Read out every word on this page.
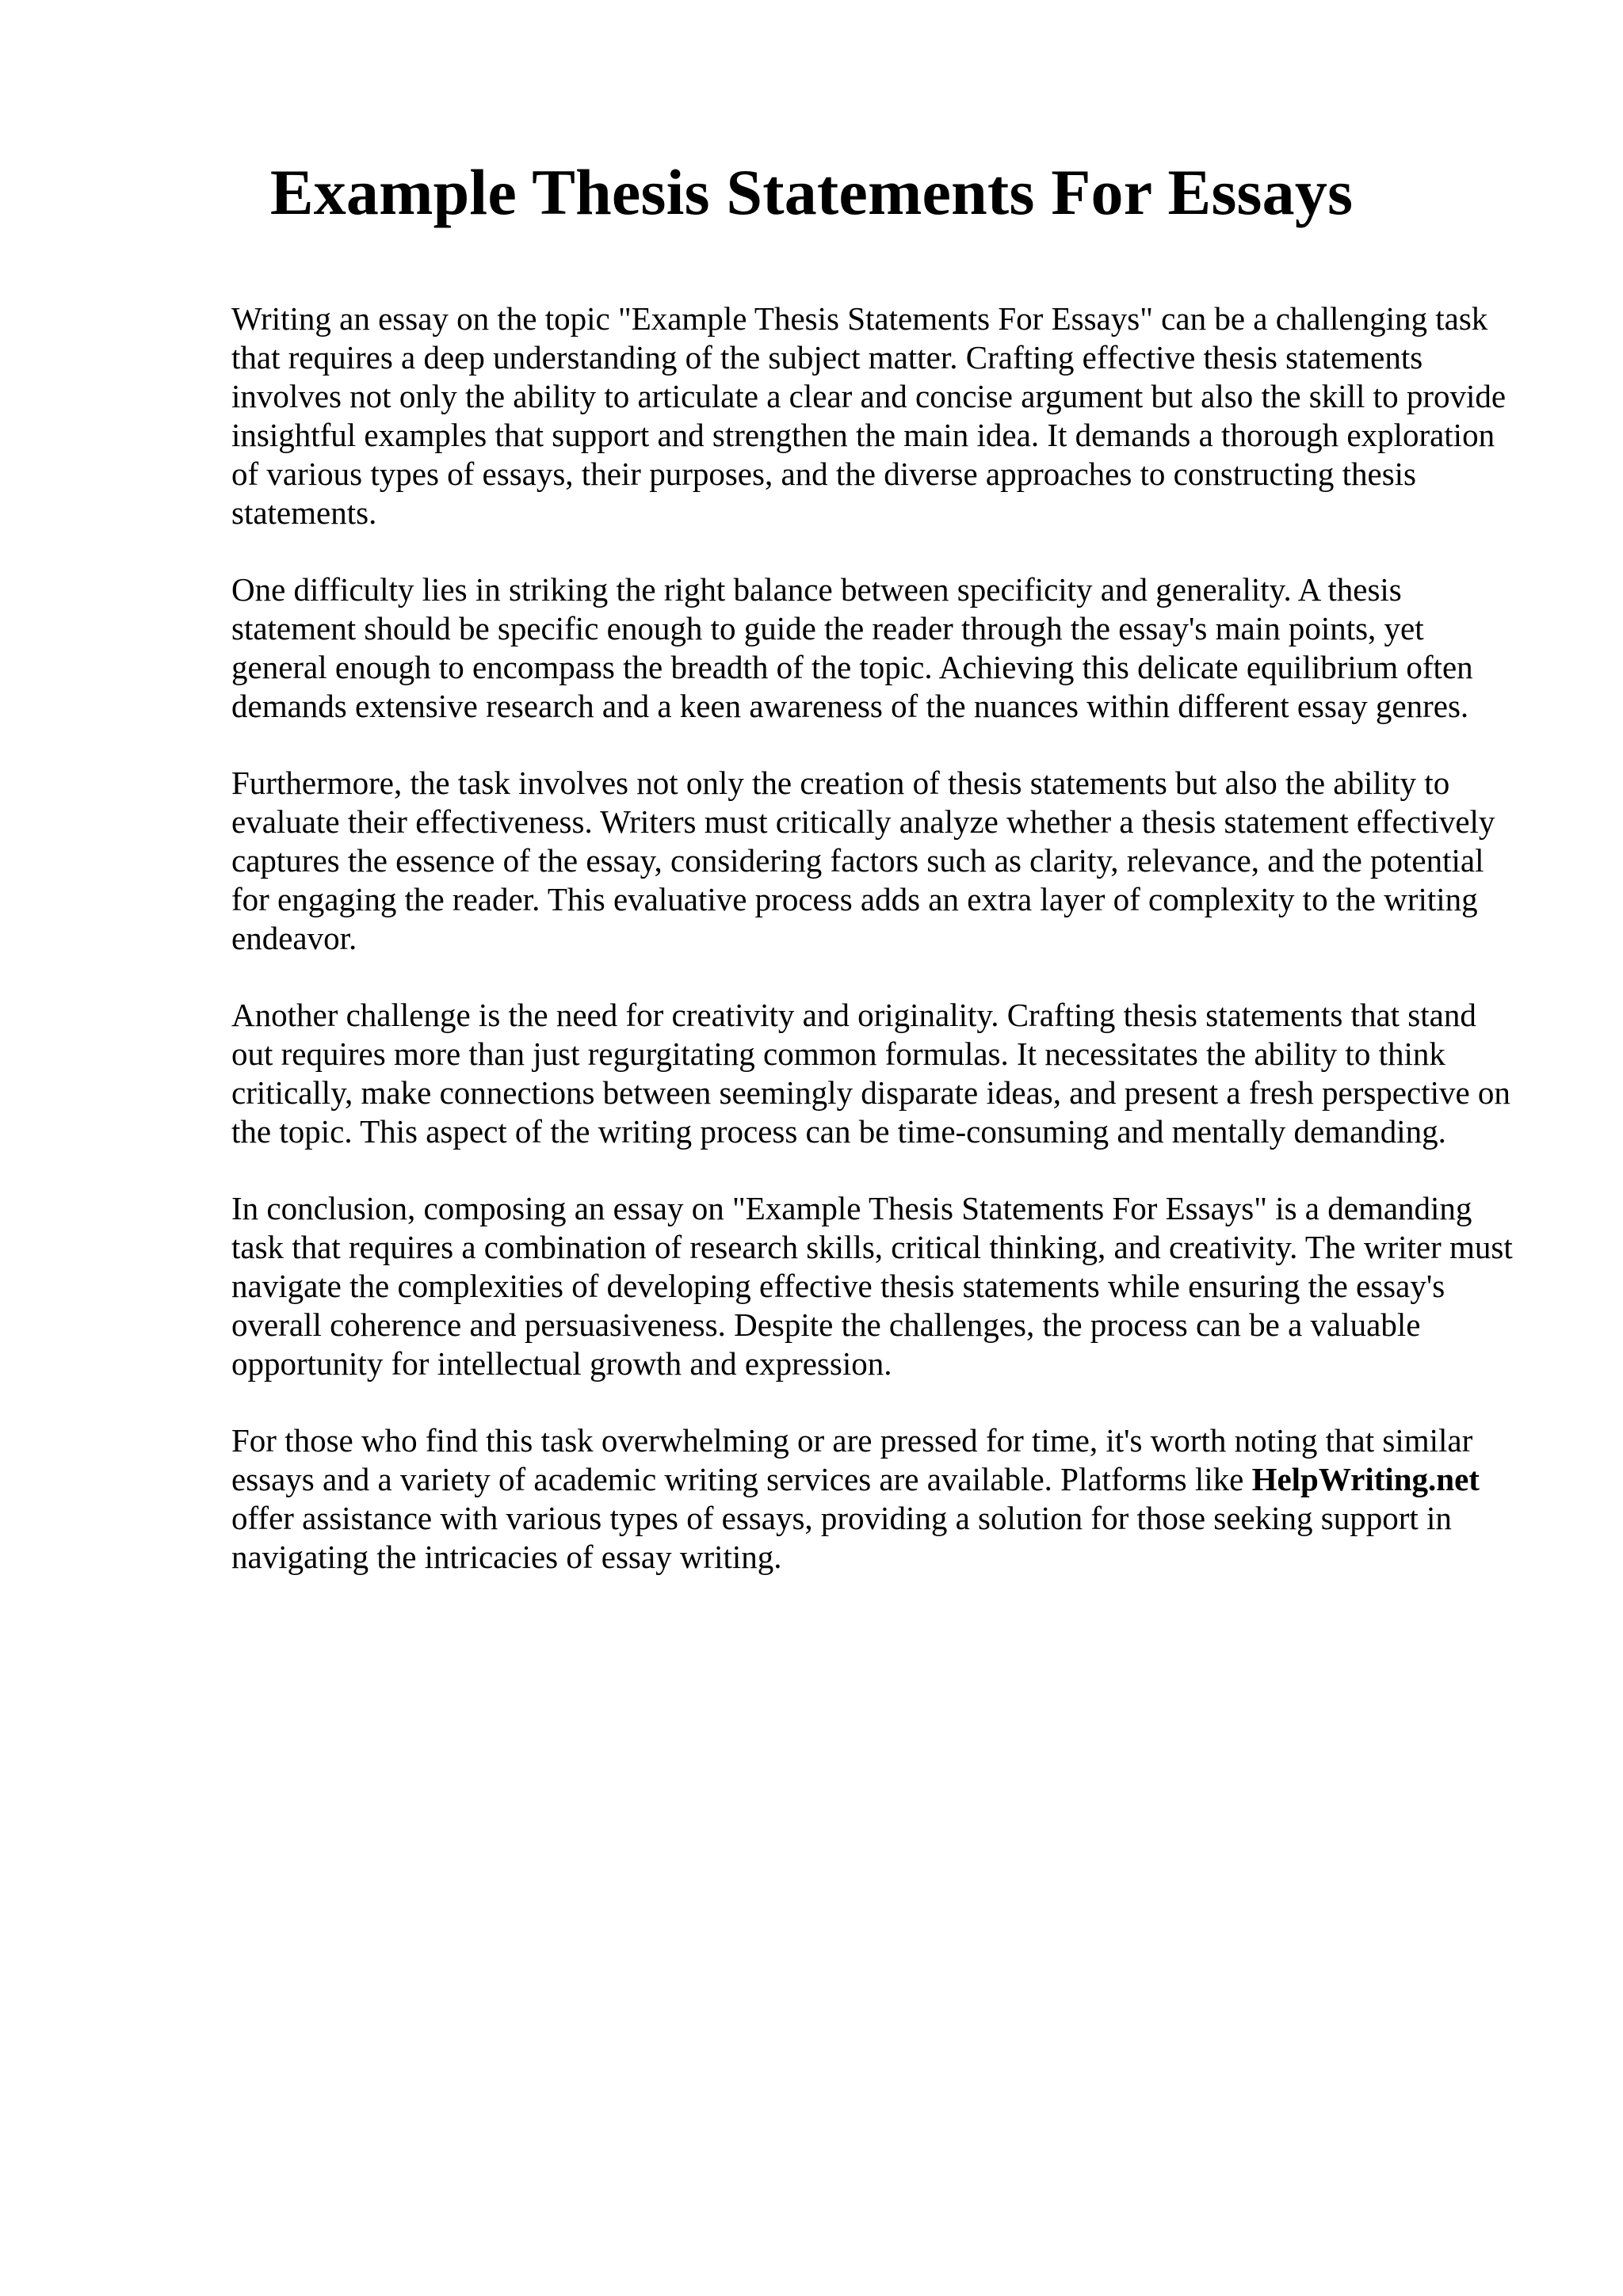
Example Thesis Statements For Essays

Writing an essay on the topic "Example Thesis Statements For Essays" can be a challenging task that requires a deep understanding of the subject matter. Crafting effective thesis statements involves not only the ability to articulate a clear and concise argument but also the skill to provide insightful examples that support and strengthen the main idea. It demands a thorough exploration of various types of essays, their purposes, and the diverse approaches to constructing thesis statements.

One difficulty lies in striking the right balance between specificity and generality. A thesis statement should be specific enough to guide the reader through the essay's main points, yet general enough to encompass the breadth of the topic. Achieving this delicate equilibrium often demands extensive research and a keen awareness of the nuances within different essay genres.

Furthermore, the task involves not only the creation of thesis statements but also the ability to evaluate their effectiveness. Writers must critically analyze whether a thesis statement effectively captures the essence of the essay, considering factors such as clarity, relevance, and the potential for engaging the reader. This evaluative process adds an extra layer of complexity to the writing endeavor.

Another challenge is the need for creativity and originality. Crafting thesis statements that stand out requires more than just regurgitating common formulas. It necessitates the ability to think critically, make connections between seemingly disparate ideas, and present a fresh perspective on the topic. This aspect of the writing process can be time-consuming and mentally demanding.

In conclusion, composing an essay on "Example Thesis Statements For Essays" is a demanding task that requires a combination of research skills, critical thinking, and creativity. The writer must navigate the complexities of developing effective thesis statements while ensuring the essay's overall coherence and persuasiveness. Despite the challenges, the process can be a valuable opportunity for intellectual growth and expression.

For those who find this task overwhelming or are pressed for time, it's worth noting that similar essays and a variety of academic writing services are available. Platforms like HelpWriting.net offer assistance with various types of essays, providing a solution for those seeking support in navigating the intricacies of essay writing.
